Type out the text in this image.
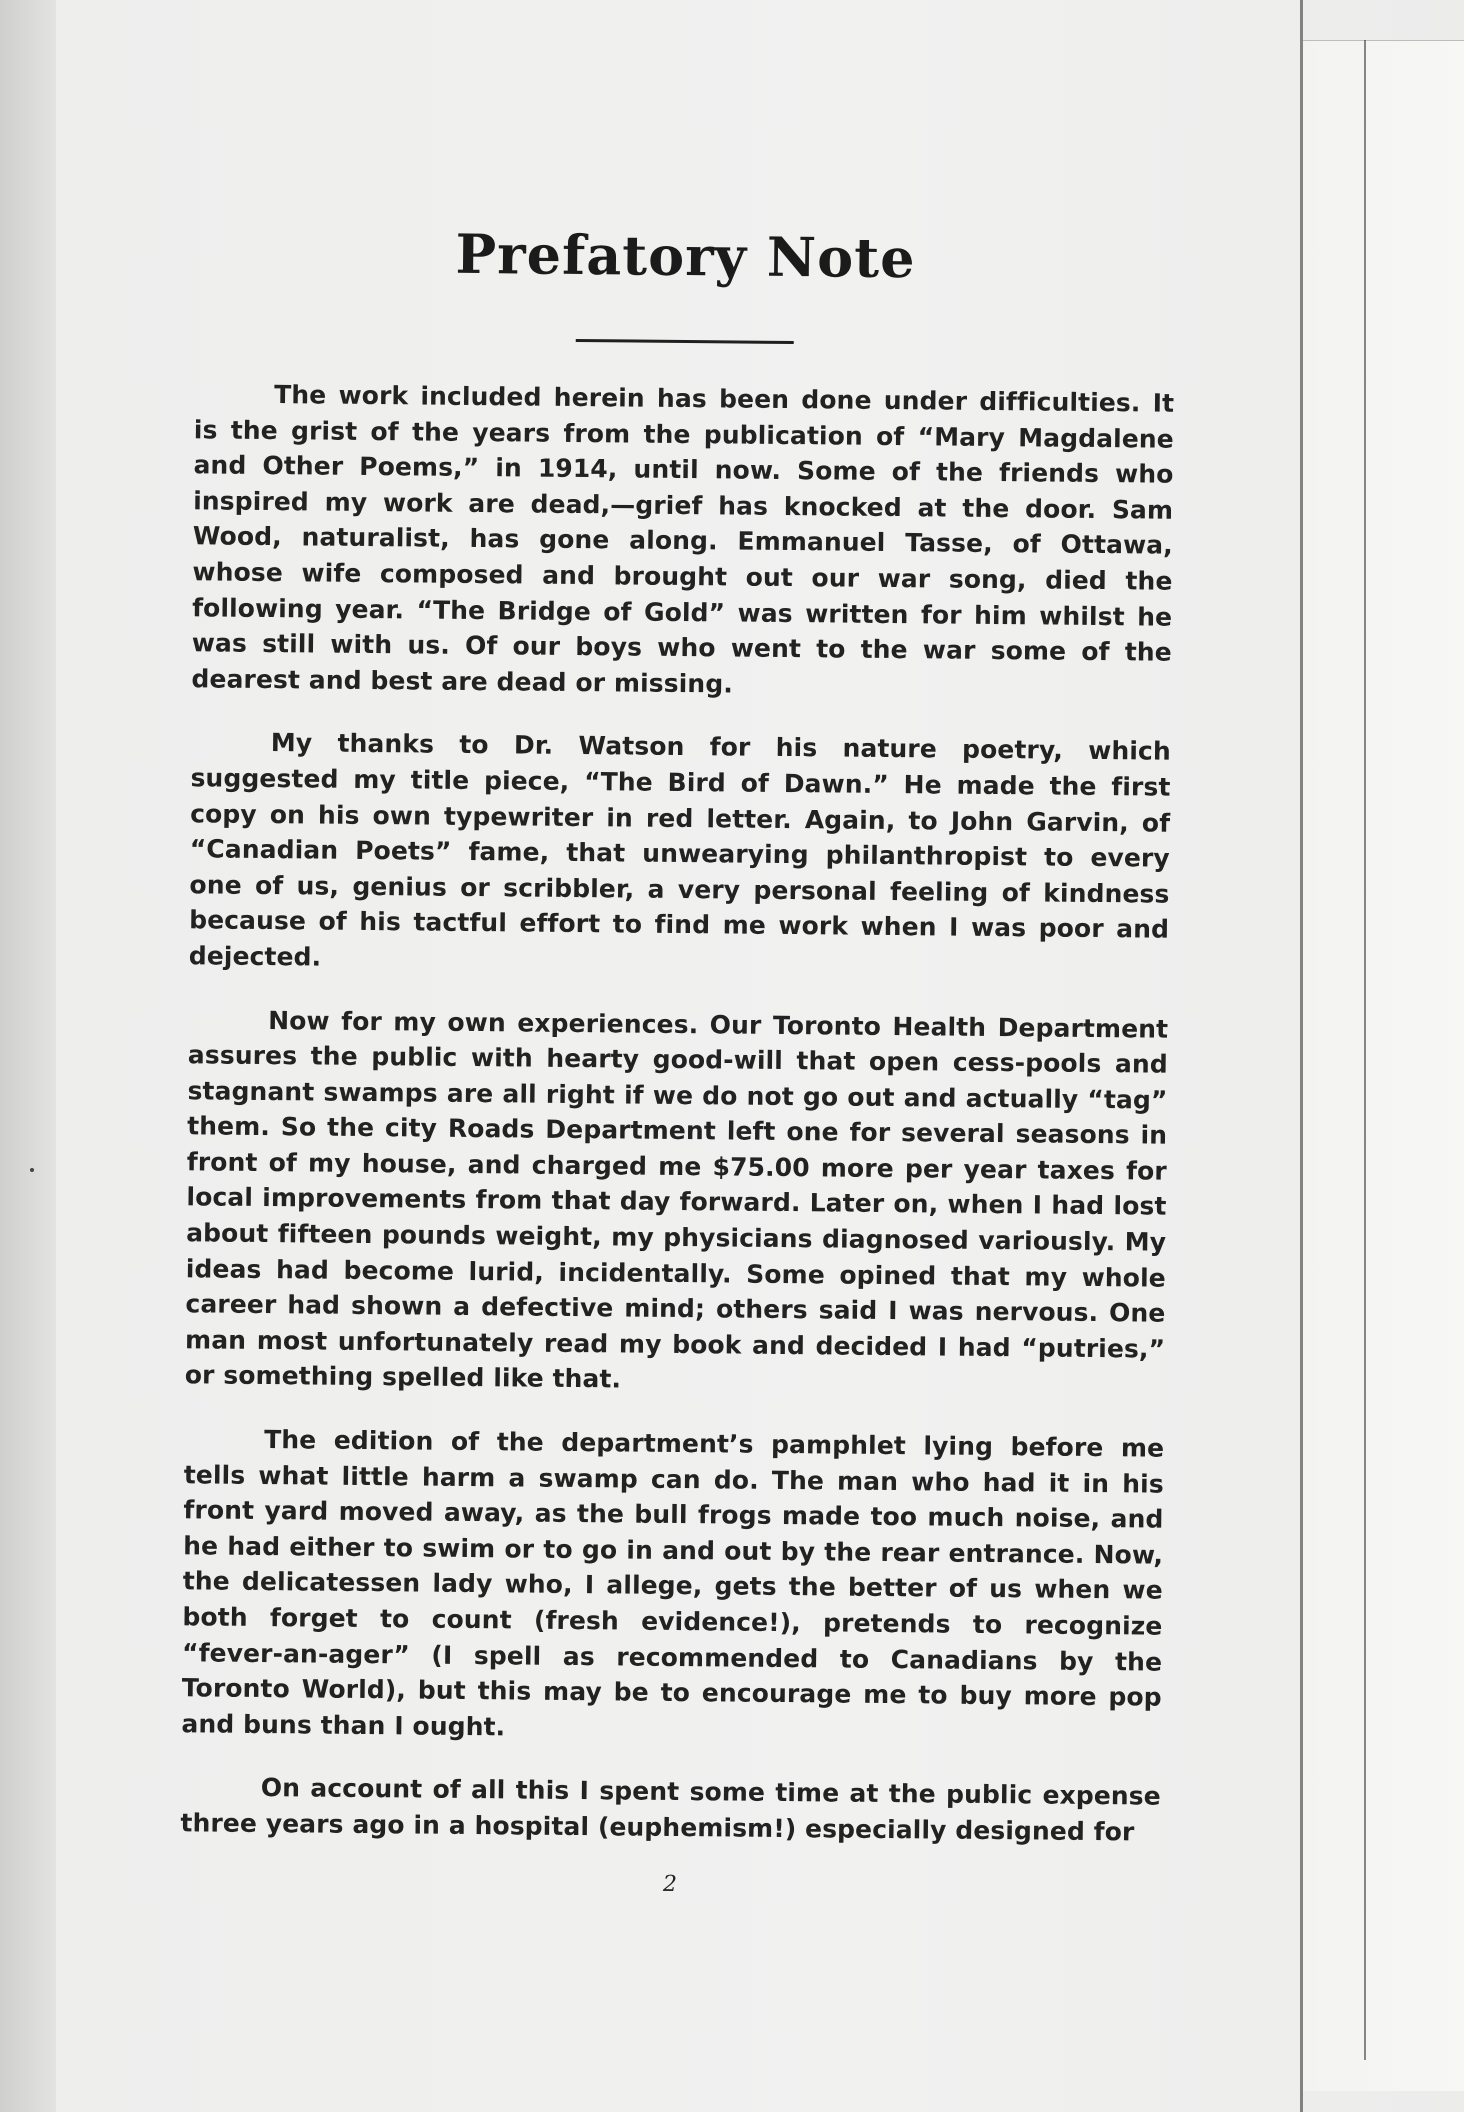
Prefatory Note

The work included herein has been done under difficulties. It is the grist of the years from the publication of “Mary Magdalene and Other Poems,” in 1914, until now. Some of the friends who inspired my work are dead,—grief has knocked at the door. Sam Wood, naturalist, has gone along. Emmanuel Tasse, of Ottawa, whose wife composed and brought out our war song, died the following year. “The Bridge of Gold” was written for him whilst he was still with us. Of our boys who went to the war some of the dearest and best are dead or missing.

My thanks to Dr. Watson for his nature poetry, which suggested my title piece, “The Bird of Dawn.” He made the first copy on his own typewriter in red letter. Again, to John Garvin, of “Canadian Poets” fame, that unwearying philanthropist to every one of us, genius or scribbler, a very personal feeling of kindness because of his tactful effort to find me work when I was poor and dejected.

Now for my own experiences. Our Toronto Health Department assures the public with hearty good-will that open cess-pools and stagnant swamps are all right if we do not go out and actually “tag” them. So the city Roads Department left one for several seasons in front of my house, and charged me $75.00 more per year taxes for local improvements from that day forward. Later on, when I had lost about fifteen pounds weight, my physicians diagnosed variously. My ideas had become lurid, incidentally. Some opined that my whole career had shown a defective mind; others said I was nervous. One man most unfortunately read my book and decided I had “putries,” or something spelled like that.

The edition of the department’s pamphlet lying before me tells what little harm a swamp can do. The man who had it in his front yard moved away, as the bull frogs made too much noise, and he had either to swim or to go in and out by the rear entrance. Now, the delicatessen lady who, I allege, gets the better of us when we both forget to count (fresh evidence!), pretends to recognize “fever-an-ager” (I spell as recommended to Canadians by the Toronto World), but this may be to encourage me to buy more pop and buns than I ought.

On account of all this I spent some time at the public expense three years ago in a hospital (euphemism!) especially designed for

2
